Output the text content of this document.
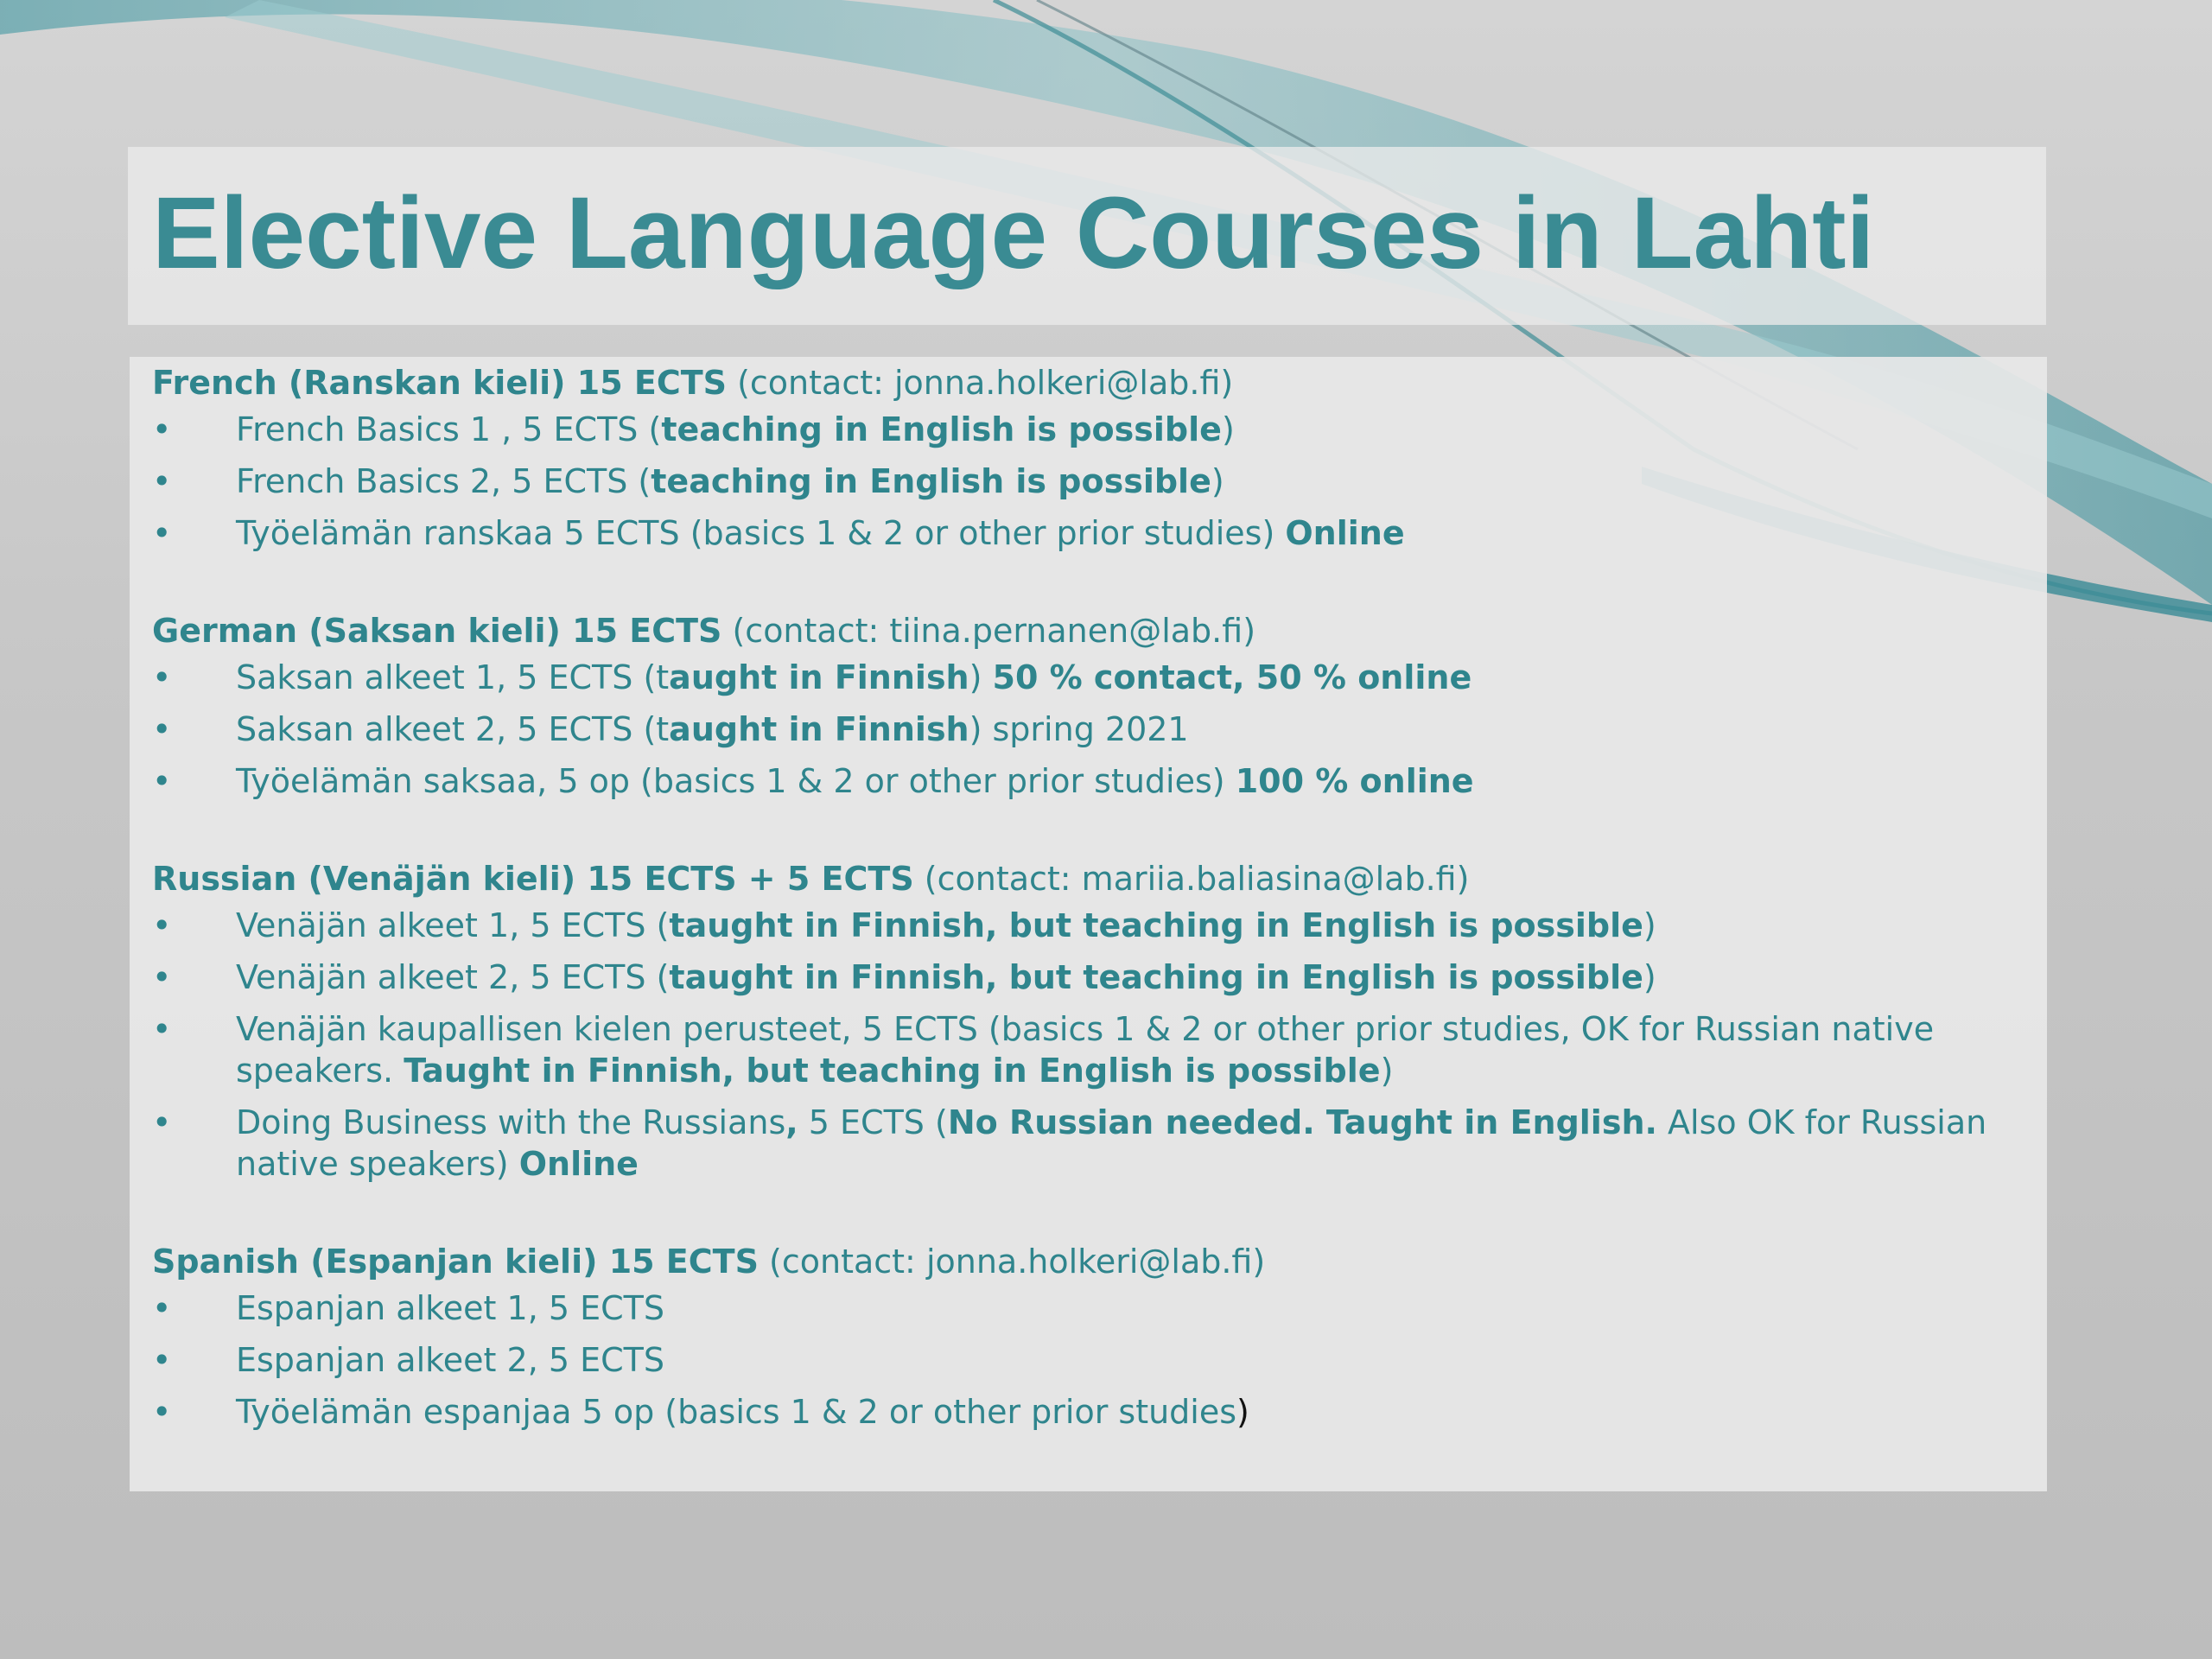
Elective Language Courses in Lahti
French (Ranskan kieli) 15 ECTS (contact: jonna.holkeri@lab.fi)
• French Basics 1 , 5 ECTS (teaching in English is possible)
• French Basics 2, 5 ECTS (teaching in English is possible)
• Työelämän ranskaa 5 ECTS (basics 1 & 2 or other prior studies) Online
German (Saksan kieli) 15 ECTS (contact: tiina.pernanen@lab.fi)
• Saksan alkeet 1, 5 ECTS (taught in Finnish) 50 % contact, 50 % online
• Saksan alkeet 2, 5 ECTS (taught in Finnish) spring 2021
• Työelämän saksaa, 5 op (basics 1 & 2 or other prior studies) 100 % online
Russian (Venäjän kieli) 15 ECTS + 5 ECTS (contact: mariia.baliasina@lab.fi)
• Venäjän alkeet 1, 5 ECTS (taught in Finnish, but teaching in English is possible)
• Venäjän alkeet 2, 5 ECTS (taught in Finnish, but teaching in English is possible)
• Venäjän kaupallisen kielen perusteet, 5 ECTS (basics 1 & 2 or other prior studies, OK for Russian native speakers. Taught in Finnish, but teaching in English is possible)
• Doing Business with the Russians, 5 ECTS (No Russian needed. Taught in English. Also OK for Russian native speakers) Online
Spanish (Espanjan kieli) 15 ECTS (contact: jonna.holkeri@lab.fi)
• Espanjan alkeet 1, 5 ECTS
• Espanjan alkeet 2, 5 ECTS
• Työelämän espanjaa 5 op (basics 1 & 2 or other prior studies)
